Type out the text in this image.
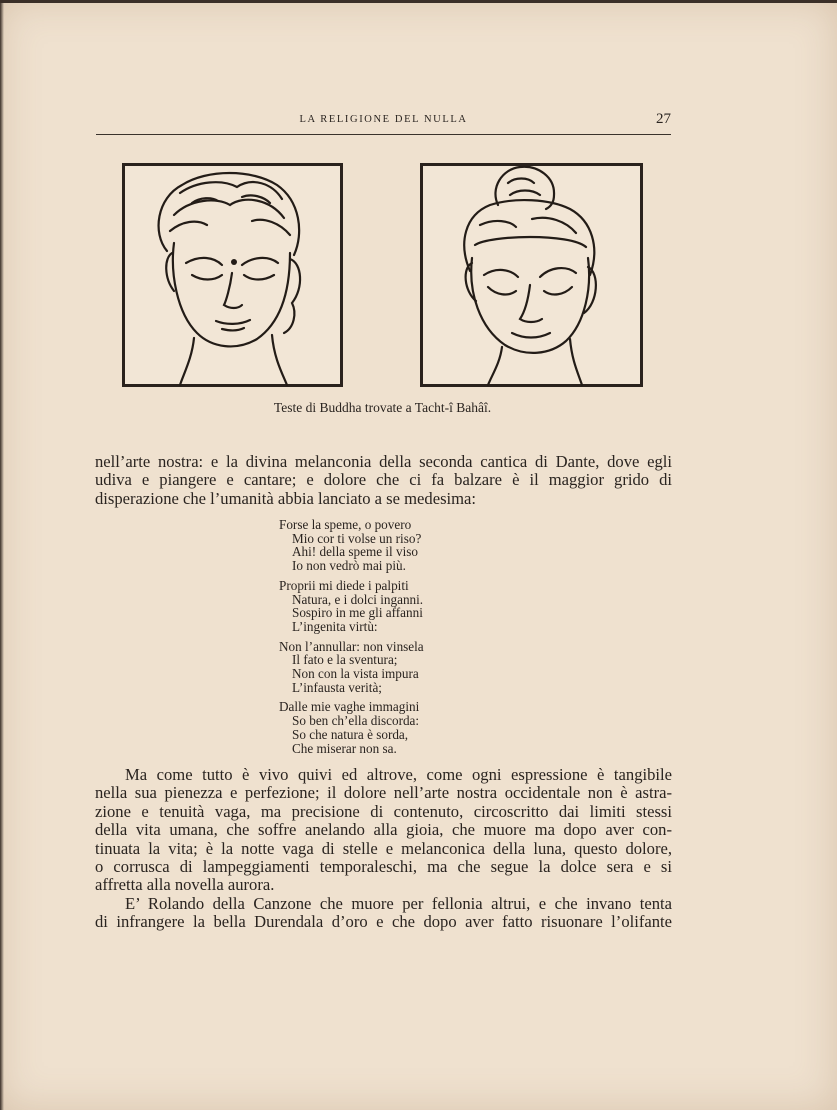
LA RELIGIONE DEL NULLA	27
Teste di Buddha trovate a Tacht-î Bahâî.

nell’arte nostra: e la divina melanconia della seconda cantica di Dante, dove egli
udiva e piangere e cantare; e dolore che ci fa balzare è il maggior grido di
disperazione che l’umanità abbia lanciato a se medesima:

Forse la speme, o povero
Mio cor ti volse un riso?
Ahi! della speme il viso
Io non vedrò mai più.
Proprii mi diede i palpiti
Natura, e i dolci inganni.
Sospiro in me gli affanni
L’ingenita virtù:
Non l’annullar: non vinsela
Il fato e la sventura;
Non con la vista impura
L’infausta verità;
Dalle mie vaghe immagini
So ben ch’ella discorda:
So che natura è sorda,
Che miserar non sa.

Ma come tutto è vivo quivi ed altrove, come ogni espressione è tangibile
nella sua pienezza e perfezione; il dolore nell’arte nostra occidentale non è astra-
zione e tenuità vaga, ma precisione di contenuto, circoscritto dai limiti stessi
della vita umana, che soffre anelando alla gioia, che muore ma dopo aver con-
tinuata la vita; è la notte vaga di stelle e melanconica della luna, questo dolore,
o corrusca di lampeggiamenti temporaleschi, ma che segue la dolce sera e si
affretta alla novella aurora.

E’ Rolando della Canzone che muore per fellonia altrui, e che invano tenta
di infrangere la bella Durendala d’oro e che dopo aver fatto risuonare l’olifante
